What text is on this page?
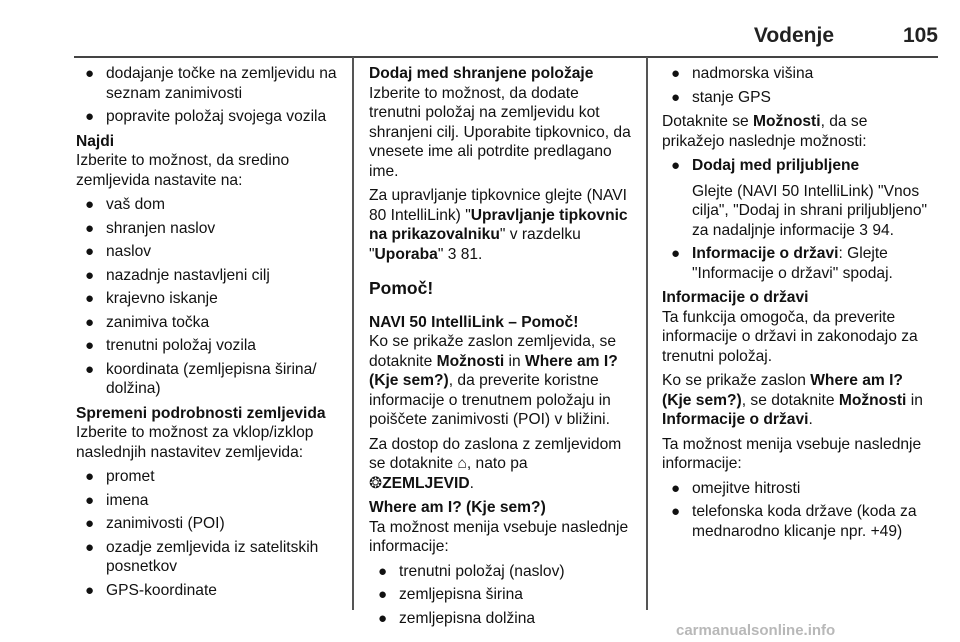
Vodenje	105
● dodajanje točke na zemljevidu na seznam zanimivosti
● popravite položaj svojega vozila
Najdi
Izberite to možnost, da sredino zemljevida nastavite na:
● vaš dom
● shranjen naslov
● naslov
● nazadnje nastavljeni cilj
● krajevno iskanje
● zanimiva točka
● trenutni položaj vozila
● koordinata (zemljepisna širina/ dolžina)
Spremeni podrobnosti zemljevida
Izberite to možnost za vklop/izklop naslednjih nastavitev zemljevida:
● promet
● imena
● zanimivosti (POI)
● ozadje zemljevida iz satelitskih posnetkov
● GPS-koordinate
Dodaj med shranjene položaje
Izberite to možnost, da dodate trenutni položaj na zemljevidu kot shranjeni cilj. Uporabite tipkovnico, da vnesete ime ali potrdite predlagano ime.
Za upravljanje tipkovnice glejte (NAVI 80 IntelliLink) "Upravljanje tipkovnic na prikazovalniku" v razdelku "Uporaba" 3 81.
Pomoč!
NAVI 50 IntelliLink – Pomoč!
Ko se prikaže zaslon zemljevida, se dotaknite Možnosti in Where am I? (Kje sem?), da preverite koristne informacije o trenutnem položaju in poiščete zanimivosti (POI) v bližini.
Za dostop do zaslona z zemljevidom se dotaknite ⌂, nato pa
❂ZEMLJEVID.
Where am I? (Kje sem?)
Ta možnost menija vsebuje naslednje informacije:
● trenutni položaj (naslov)
● zemljepisna širina
● zemljepisna dolžina
● nadmorska višina
● stanje GPS
Dotaknite se Možnosti, da se prikažejo naslednje možnosti:
● Dodaj med priljubljene
Glejte (NAVI 50 IntelliLink) "Vnos cilja", "Dodaj in shrani priljubljeno" za nadaljnje informacije 3 94.
● Informacije o državi: Glejte "Informacije o državi" spodaj.
Informacije o državi
Ta funkcija omogoča, da preverite informacije o državi in zakonodajo za trenutni položaj.
Ko se prikaže zaslon Where am I? (Kje sem?), se dotaknite Možnosti in Informacije o državi.
Ta možnost menija vsebuje naslednje informacije:
● omejitve hitrosti
● telefonska koda države (koda za mednarodno klicanje npr. +49)
carmanualsonline.info
